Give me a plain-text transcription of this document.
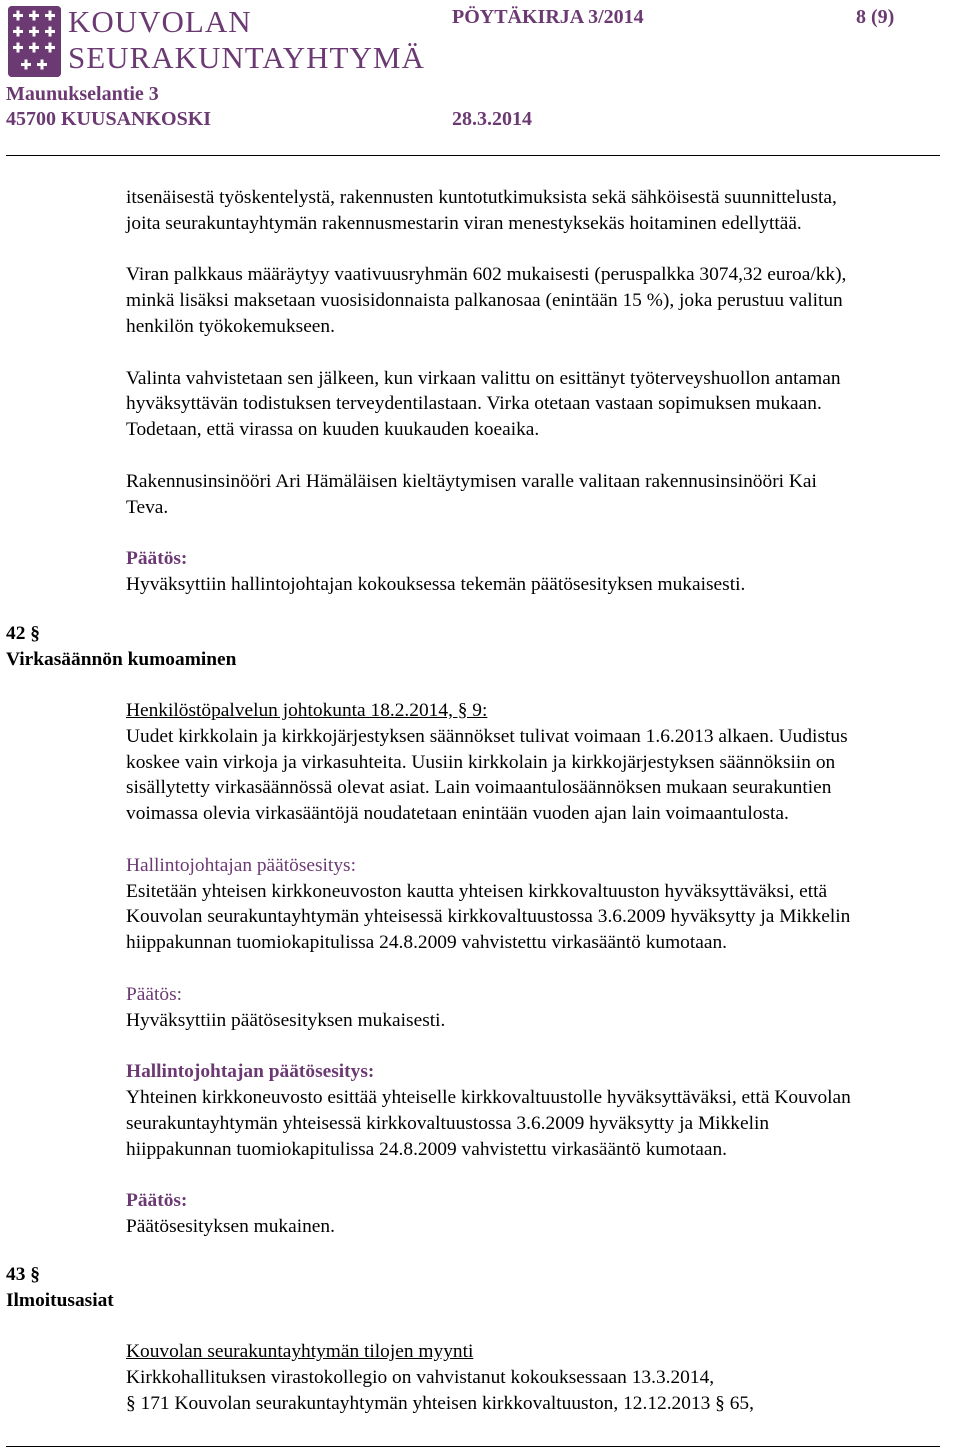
KOUVOLAN
SEURAKUNTAYHTYMÄ
PÖYTÄKIRJA 3/2014	8 (9)
Maunukselantie 3
45700 KUUSANKOSKI	28.3.2014

itsenäisestä työskentelystä, rakennusten kuntotutkimuksista sekä sähköisestä suunnittelusta,

joita seurakuntayhtymän rakennusmestarin viran menestyksekäs hoitaminen edellyttää.

Viran palkkaus määräytyy vaativuusryhmän 602 mukaisesti (peruspalkka 3074,32 euroa/kk),

minkä lisäksi maksetaan vuosisidonnaista palkanosaa (enintään 15 %), joka perustuu valitun

henkilön työkokemukseen.

Valinta vahvistetaan sen jälkeen, kun virkaan valittu on esittänyt työterveyshuollon antaman

hyväksyttävän todistuksen terveydentilastaan. Virka otetaan vastaan sopimuksen mukaan.

Todetaan, että virassa on kuuden kuukauden koeaika.

Rakennusinsinööri Ari Hämäläisen kieltäytymisen varalle valitaan rakennusinsinööri Kai

Teva.

Päätös:

Hyväksyttiin hallintojohtajan kokouksessa tekemän päätösesityksen mukaisesti.

42 §
Virkasäännön kumoaminen

Henkilöstöpalvelun johtokunta 18.2.2014, § 9:

Uudet kirkkolain ja kirkkojärjestyksen säännökset tulivat voimaan 1.6.2013 alkaen. Uudistus

koskee vain virkoja ja virkasuhteita. Uusiin kirkkolain ja kirkkojärjestyksen säännöksiin on

sisällytetty virkasäännössä olevat asiat. Lain voimaantulosäännöksen mukaan seurakuntien

voimassa olevia virkasääntöjä noudatetaan enintään vuoden ajan lain voimaantulosta.

Hallintojohtajan päätösesitys:

Esitetään yhteisen kirkkoneuvoston kautta yhteisen kirkkovaltuuston hyväksyttäväksi, että

Kouvolan seurakuntayhtymän yhteisessä kirkkovaltuustossa 3.6.2009 hyväksytty ja Mikkelin

hiippakunnan tuomiokapitulissa 24.8.2009 vahvistettu virkasääntö kumotaan.

Päätös:

Hyväksyttiin päätösesityksen mukaisesti.

Hallintojohtajan päätösesitys:

Yhteinen kirkkoneuvosto esittää yhteiselle kirkkovaltuustolle hyväksyttäväksi, että Kouvolan

seurakuntayhtymän yhteisessä kirkkovaltuustossa 3.6.2009 hyväksytty ja Mikkelin

hiippakunnan tuomiokapitulissa 24.8.2009 vahvistettu virkasääntö kumotaan.

Päätös:

Päätösesityksen mukainen.

43 §
Ilmoitusasiat

Kouvolan seurakuntayhtymän tilojen myynti

Kirkkohallituksen virastokollegio on vahvistanut kokouksessaan 13.3.2014,

§ 171 Kouvolan seurakuntayhtymän yhteisen kirkkovaltuuston, 12.12.2013 § 65,
